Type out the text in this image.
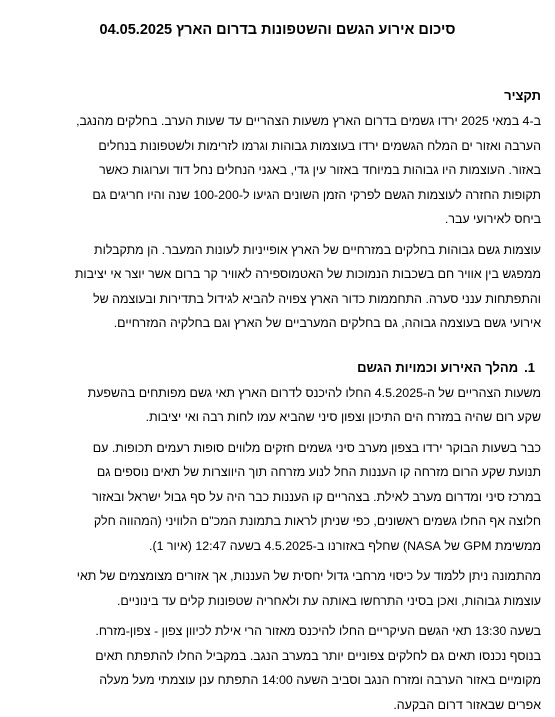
סיכום אירוע הגשם והשטפונות בדרום הארץ 04.05.2025
תקציר
ב-4 במאי 2025 ירדו גשמים בדרום הארץ משעות הצהריים עד שעות הערב. בחלקים מהנגב,
הערבה ואזור ים המלח הגשמים ירדו בעוצמות גבוהות וגרמו לזרימות ולשטפונות בנחלים
באזור. העוצמות היו גבוהות במיוחד באזור עין גדי, באגני הנחלים נחל דוד וערוגות כאשר
תקופות החזרה לעוצמות הגשם לפרקי הזמן השונים הגיעו ל-100-200 שנה והיו חריגים גם
ביחס לאירועי עבר.
עוצמות גשם גבוהות בחלקים במזרחיים של הארץ אופייניות לעונות המעבר. הן מתקבלות
ממפגש בין אוויר חם בשכבות הנמוכות של האטמוספירה לאוויר קר ברום אשר יוצר אי יציבות
והתפתחות ענני סערה. התחממות כדור הארץ צפויה להביא לגידול בתדירות ובעוצמה של
אירועי גשם בעוצמה גבוהה, גם בחלקים המערביים של הארץ וגם בחלקיה המזרחיים.
1.
מהלך האירוע וכמויות הגשם
משעות הצהריים של ה-4.5.2025 החלו להיכנס לדרום הארץ תאי גשם מפותחים בהשפעת
שקע רום שהיה במזרח הים התיכון וצפון סיני שהביא עמו לחות רבה ואי יציבות.
כבר בשעות הבוקר ירדו בצפון מערב סיני גשמים חזקים מלווים סופות רעמים תכופות. עם
תנועת שקע הרום מזרחה קו העננות החל לנוע מזרחה תוך היווצרות של תאים נוספים גם
במרכז סיני ומדרום מערב לאילת. בצהריים קו העננות כבר היה על סף גבול ישראל ובאזור
חלוצה אף החלו גשמים ראשונים, כפי שניתן לראות בתמונת המכ"ם הלוויני (המהווה חלק
ממשימת GPM של NASA) שחלף באזורנו ב-4.5.2025 בשעה 12:47 (איור 1).
מהתמונה ניתן ללמוד על כיסוי מרחבי גדול יחסית של העננות, אך אזורים מצומצמים של תאי
עוצמות גבוהות, ואכן בסיני התרחשו באותה עת ולאחריה שטפונות קלים עד בינוניים.
בשעה 13:30 תאי הגשם העיקריים החלו להיכנס מאזור הרי אילת לכיוון צפון - צפון-מזרח.
בנוסף נכנסו תאים גם לחלקים צפוניים יותר במערב הנגב. במקביל החלו להתפתח תאים
מקומיים באזור הערבה ומזרח הנגב וסביב השעה 14:00 התפתח ענן עוצמתי מעל מעלה
אפרים שבאזור דרום הבקעה.
